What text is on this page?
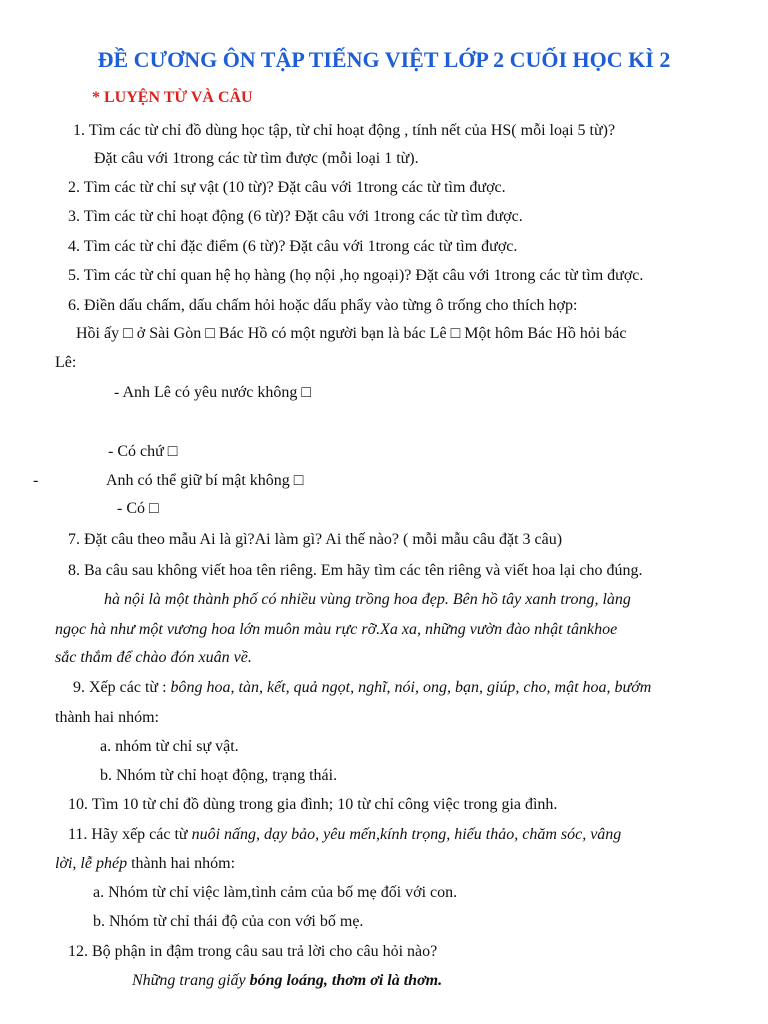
ĐỀ CƯƠNG ÔN TẬP TIẾNG VIỆT LỚP 2 CUỐI HỌC KÌ 2
* LUYỆN TỪ VÀ CÂU
1. Tìm các từ chỉ đồ dùng học tập, từ chỉ hoạt động , tính nết của HS( mỗi loại 5 từ)?
Đặt câu với 1trong các từ tìm được (mỗi loại 1 từ).
2. Tìm các từ chỉ sự vật (10 từ)? Đặt câu với 1trong các từ tìm được.
3. Tìm các từ chỉ hoạt động (6 từ)? Đặt câu với 1trong các từ tìm được.
4. Tìm các từ chỉ đặc điểm (6 từ)? Đặt câu với 1trong các từ tìm được.
5. Tìm các từ chỉ quan hệ họ hàng (họ nội ,họ ngoại)? Đặt câu với 1trong các từ tìm được.
6. Điền dấu chấm, dấu chấm hỏi hoặc dấu phẩy vào từng ô trống cho thích hợp:
Hồi ấy □ ở Sài Gòn □ Bác Hồ có một người bạn là bác Lê □ Một hôm Bác Hồ hỏi bác
Lê:
- Anh Lê có yêu nước không □
- Có chứ □
-	Anh có thể giữ bí mật không □
- Có □
7. Đặt câu theo mẫu Ai là gì?Ai làm gì? Ai thế nào? ( mỗi mẫu câu đặt 3 câu)
8. Ba câu sau không viết hoa tên riêng. Em hãy tìm các tên riêng và viết hoa lại cho đúng.
hà nội là một thành phố có nhiều vùng trồng hoa đẹp. Bên hồ tây xanh trong, làng
ngọc hà như một vương hoa lớn muôn màu rực rỡ.Xa xa, những vườn đào nhật tânkhoe
sắc thắm để chào đón xuân về.
9. Xếp các từ : bông hoa, tàn, kết, quả ngọt, nghĩ, nói, ong, bạn, giúp, cho, mật hoa, bướm
thành hai nhóm:
a. nhóm từ chỉ sự vật.
b. Nhóm từ chỉ hoạt động, trạng thái.
10. Tìm 10 từ chỉ đồ dùng trong gia đình; 10 từ chỉ công việc trong gia đình.
11. Hãy xếp các từ nuôi nấng, dạy bảo, yêu mến,kính trọng, hiếu thảo, chăm sóc, vâng
lời, lễ phép thành hai nhóm:
a. Nhóm từ chỉ việc làm,tình cảm của bố mẹ đối với con.
b. Nhóm từ chỉ thái độ của con với bố mẹ.
12. Bộ phận in đậm trong câu sau trả lời cho câu hỏi nào?
Những trang giấy bóng loáng, thơm ơi là thơm.
